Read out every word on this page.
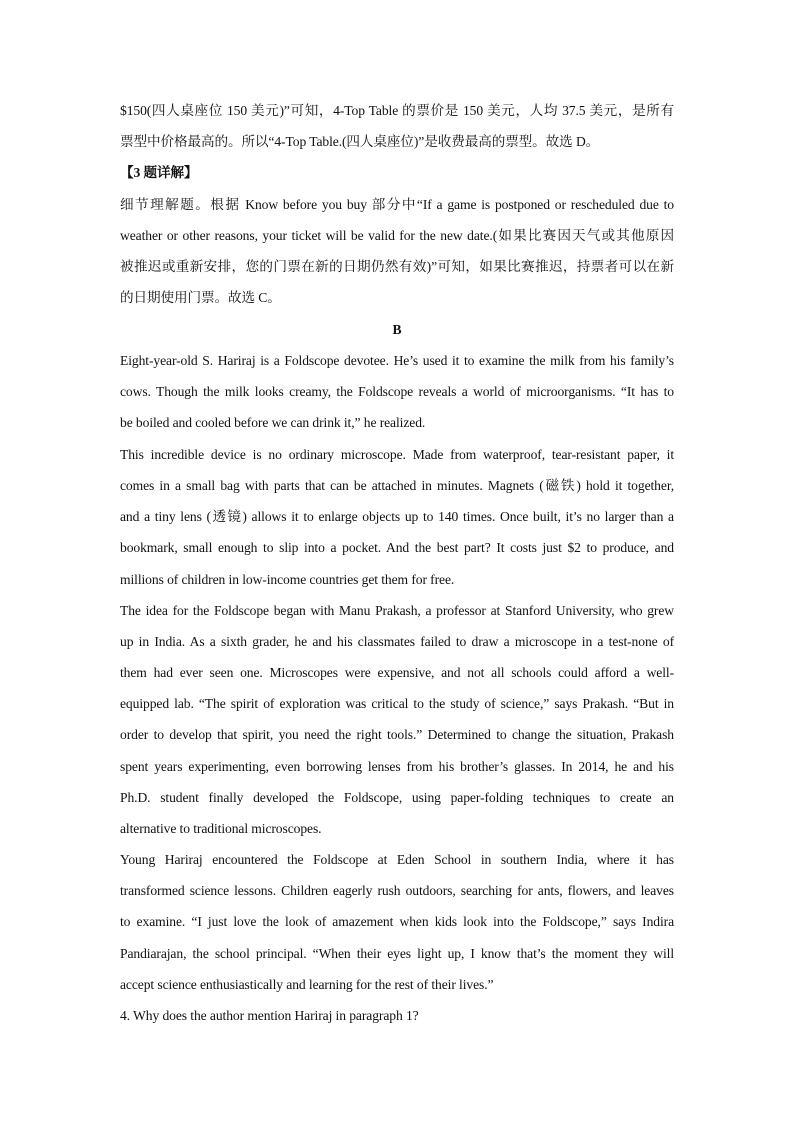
$150(四人桌座位 150 美元)”可知，4-Top Table 的票价是 150 美元，人均 37.5 美元，是所有
票型中价格最高的。所以“4-Top Table.(四人桌座位)”是收费最高的票型。故选 D。
【3 题详解】
细节理解题。根据 Know before you buy 部分中“If a game is postponed or rescheduled due to
weather or other reasons, your ticket will be valid for the new date.(如果比赛因天气或其他原因
被推迟或重新安排，您的门票在新的日期仍然有效)”可知，如果比赛推迟，持票者可以在新
的日期使用门票。故选 C。
B
Eight-year-old S. Hariraj is a Foldscope devotee. He’s used it to examine the milk from his family’s
cows. Though the milk looks creamy, the Foldscope reveals a world of microorganisms. “It has to
be boiled and cooled before we can drink it,” he realized.
This incredible device is no ordinary microscope. Made from waterproof, tear-resistant paper, it
comes in a small bag with parts that can be attached in minutes. Magnets (磁铁) hold it together,
and a tiny lens (透镜) allows it to enlarge objects up to 140 times. Once built, it’s no larger than a
bookmark, small enough to slip into a pocket. And the best part? It costs just $2 to produce, and
millions of children in low-income countries get them for free.
The idea for the Foldscope began with Manu Prakash, a professor at Stanford University, who grew
up in India. As a sixth grader, he and his classmates failed to draw a microscope in a test-none of
them had ever seen one. Microscopes were expensive, and not all schools could afford a well-
equipped lab. “The spirit of exploration was critical to the study of science,” says Prakash. “But in
order to develop that spirit, you need the right tools.” Determined to change the situation, Prakash
spent years experimenting, even borrowing lenses from his brother’s glasses. In 2014, he and his
Ph.D. student finally developed the Foldscope, using paper-folding techniques to create an
alternative to traditional microscopes.
Young Hariraj encountered the Foldscope at Eden School in southern India, where it has
transformed science lessons. Children eagerly rush outdoors, searching for ants, flowers, and leaves
to examine. “I just love the look of amazement when kids look into the Foldscope,” says Indira
Pandiarajan, the school principal. “When their eyes light up, I know that’s the moment they will
accept science enthusiastically and learning for the rest of their lives.”
4. Why does the author mention Hariraj in paragraph 1?
